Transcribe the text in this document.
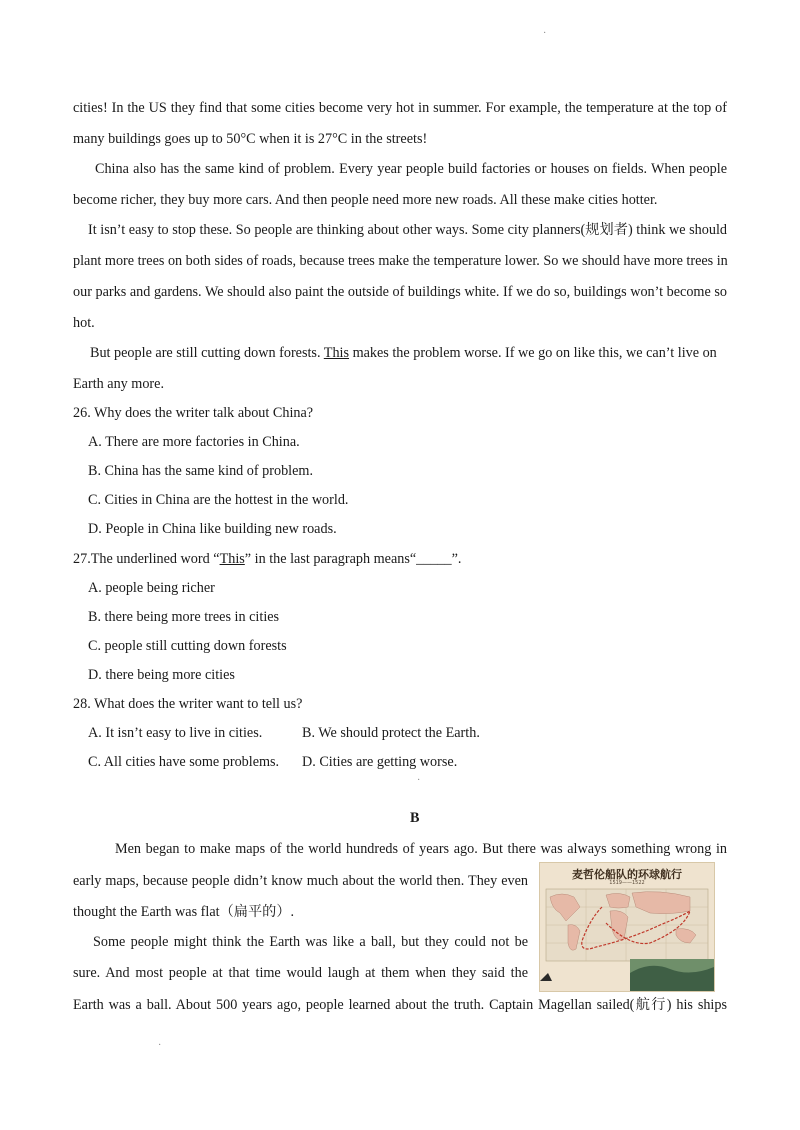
·
cities! In the US they find that some cities become very hot in summer. For example, the temperature at the top of
many buildings goes up to 50°C when it is 27°C in the streets!
China also has the same kind of problem. Every year people build factories or houses on fields. When people
become richer, they buy more cars. And then people need more new roads. All these make cities hotter.
It isn’t easy to stop these. So people are thinking about other ways. Some city planners(规划者) think we should
plant more trees on both sides of roads, because trees make the temperature lower. So we should have more trees in
our parks and gardens. We should also paint the outside of buildings white. If we do so, buildings won’t become so
hot.
But people are still cutting down forests. This makes the problem worse. If we go on like this, we can’t live on
Earth any more.
26. Why does the writer talk about China?
A. There are more factories in China.
B. China has the same kind of problem.
C. Cities in China are the hottest in the world.
D. People in China like building new roads.
27.The underlined word “This” in the last paragraph means“_____”.
A. people being richer
B. there being more trees in cities
C. people still cutting down forests
D. there being more cities
28. What does the writer want to tell us?
A. It isn’t easy to live in cities.	B. We should protect the Earth.
C. All cities have some problems. D. Cities are getting worse.
·
B
Men began to make maps of the world hundreds of years ago. But there was always something wrong in
early maps, because people didn’t know much about the world then. They even
thought the Earth was flat（扁平的）.
Some people might think the Earth was like a ball, but they could not be
sure. And most people at that time would laugh at them when they said the
Earth was a ball. About 500 years ago, people learned about the truth. Captain Magellan sailed(航行) his ships
麦哲伦船队的环球航行
1519——1522
·
